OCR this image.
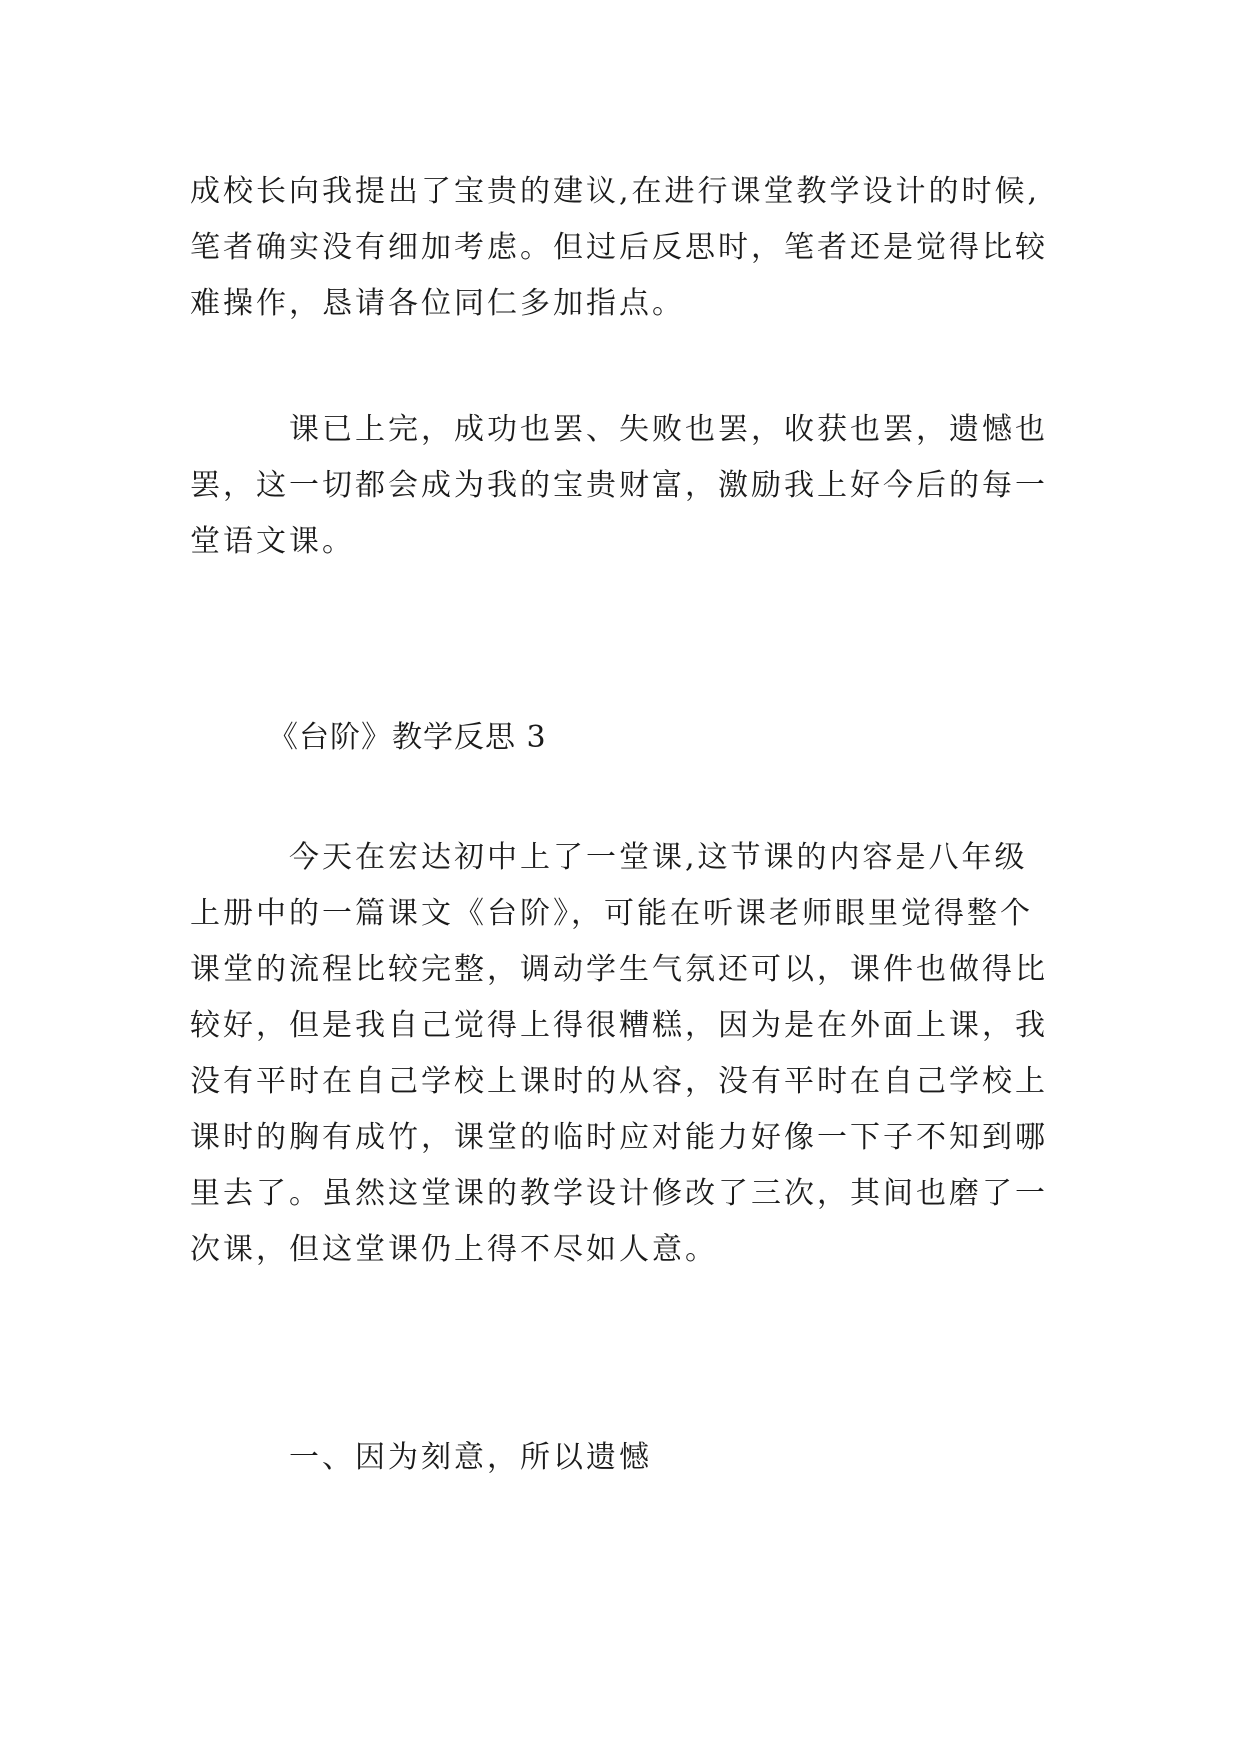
成校长向我提出了宝贵的建议,在进行课堂教学设计的时候,
笔者确实没有细加考虑。但过后反思时，笔者还是觉得比较
难操作，恳请各位同仁多加指点。
　　　课已上完，成功也罢、失败也罢，收获也罢，遗憾也
罢，这一切都会成为我的宝贵财富，激励我上好今后的每一
堂语文课。
　　　《台阶》教学反思 3
　　　今天在宏达初中上了一堂课,这节课的内容是八年级
上册中的一篇课文《台阶》，可能在听课老师眼里觉得整个
课堂的流程比较完整，调动学生气氛还可以，课件也做得比
较好，但是我自己觉得上得很糟糕，因为是在外面上课，我
没有平时在自己学校上课时的从容，没有平时在自己学校上
课时的胸有成竹，课堂的临时应对能力好像一下子不知到哪
里去了。虽然这堂课的教学设计修改了三次，其间也磨了一
次课，但这堂课仍上得不尽如人意。
　　　一、因为刻意，所以遗憾
